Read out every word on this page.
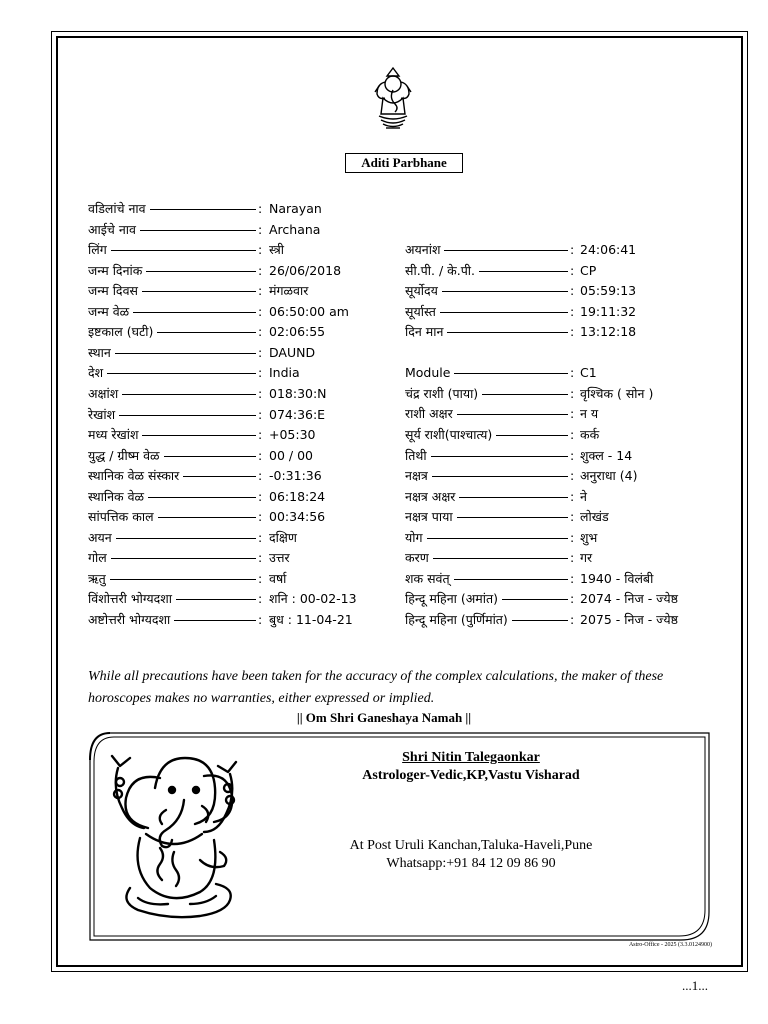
Aditi Parbhane
वडिलांचे नाव	: Narayan
आईचे नाव	: Archana
लिंग	: स्त्री
जन्म दिनांक	: 26/06/2018
जन्म दिवस	: मंगळवार
जन्म वेळ	: 06:50:00 am
इष्टकाल (घटी)	: 02:06:55
स्थान	: DAUND
देश	: India
अक्षांश	: 018:30:N
रेखांश	: 074:36:E
मध्य रेखांश	: +05:30
युद्ध / ग्रीष्म वेळ	: 00 / 00
स्थानिक वेळ संस्कार	: -0:31:36
स्थानिक वेळ	: 06:18:24
सांपत्तिक काल	: 00:34:56
अयन	: दक्षिण
गोल	: उत्तर
ऋतु	: वर्षा
विंशोत्तरी भोग्यदशा	: शनि : 00-02-13
अष्टोत्तरी भोग्यदशा	: बुध : 11-04-21
अयनांश	: 24:06:41
सी.पी. / के.पी.	: CP
सूर्योदय	: 05:59:13
सूर्यास्त	: 19:11:32
दिन मान	: 13:12:18
Module	: C1
चंद्र राशी (पाया)	: वृश्चिक ( सोन )
राशी अक्षर	: न य
सूर्य राशी(पाश्चात्य)	: कर्क
तिथी	: शुक्ल - 14
नक्षत्र	: अनुराधा (4)
नक्षत्र अक्षर	: ने
नक्षत्र पाया	: लोखंड
योग	: शुभ
करण	: गर
शक सवंत्	: 1940 - विलंबी
हिन्दू महिना (अमांत)	: 2074 - निज - ज्येष्ठ
हिन्दू महिना (पुर्णिमांत)	: 2075 - निज - ज्येष्ठ
While all precautions have been taken for the accuracy of the complex calculations, the maker of these horoscopes makes no warranties, either expressed or implied.
|| Om Shri Ganeshaya Namah ||
Shri Nitin Talegaonkar
Astrologer-Vedic,KP,Vastu Visharad
At Post Uruli Kanchan,Taluka-Haveli,Pune
Whatsapp:+91 84 12 09 86 90
Astro-Office - 2025 (3.3.0124900)
...1...
